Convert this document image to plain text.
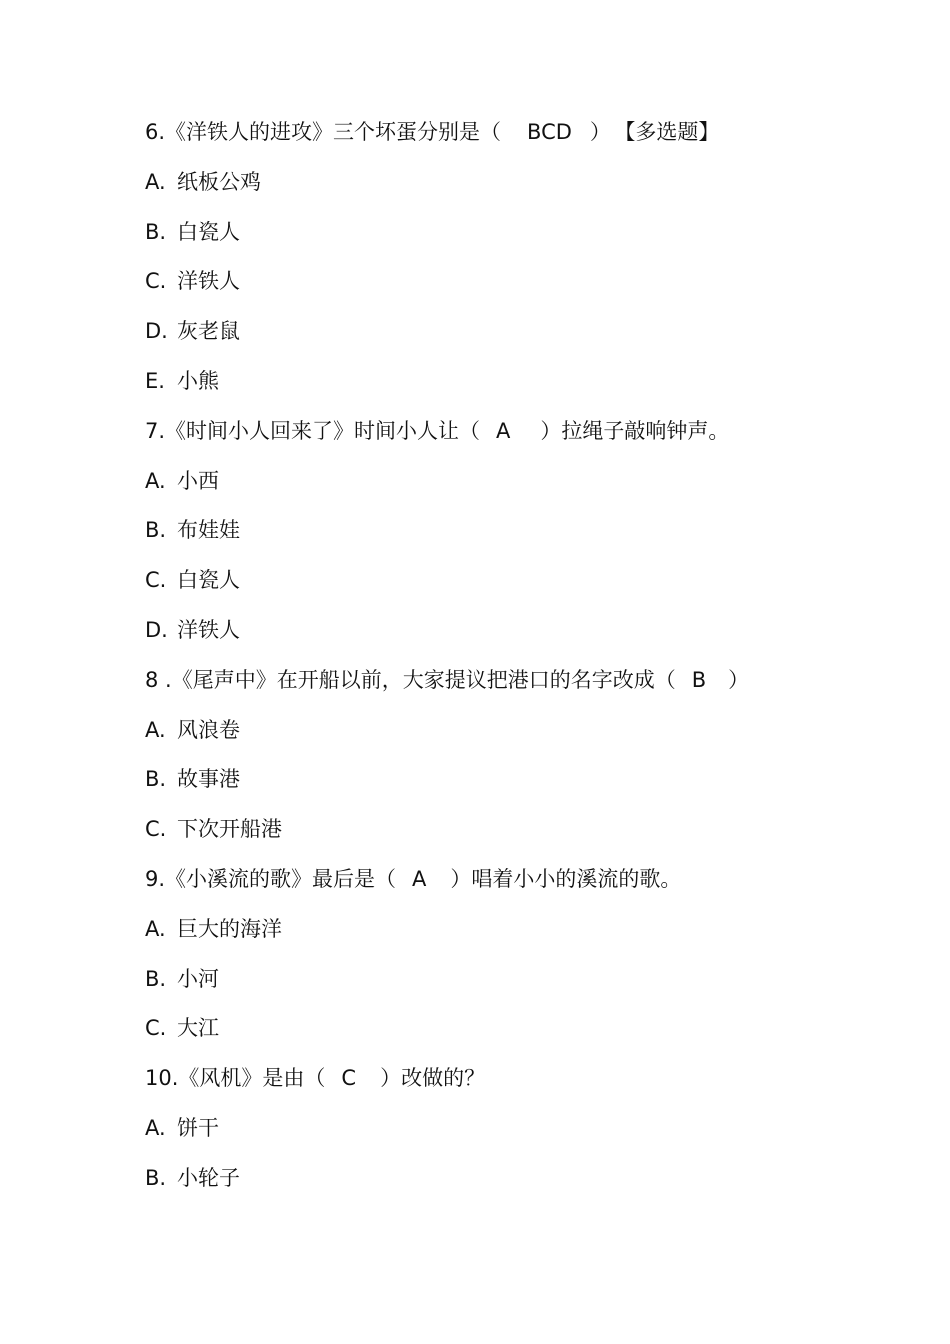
6.《洋铁人的进攻》三个坏蛋分别是（ BCD ） 【多选题】
A. 纸板公鸡
B. 白瓷人
C. 洋铁人
D. 灰老鼠
E. 小熊
7.《时间小人回来了》时间小人让（ A ）拉绳子敲响钟声。
A. 小西
B. 布娃娃
C. 白瓷人
D. 洋铁人
8 .《尾声中》在开船以前，大家提议把港口的名字改成（ B ）
A. 风浪卷
B. 故事港
C. 下次开船港
9.《小溪流的歌》最后是（ A ）唱着小小的溪流的歌。
A. 巨大的海洋
B. 小河
C. 大江
10.《风机》是由（ C ）改做的？
A. 饼干
B. 小轮子
